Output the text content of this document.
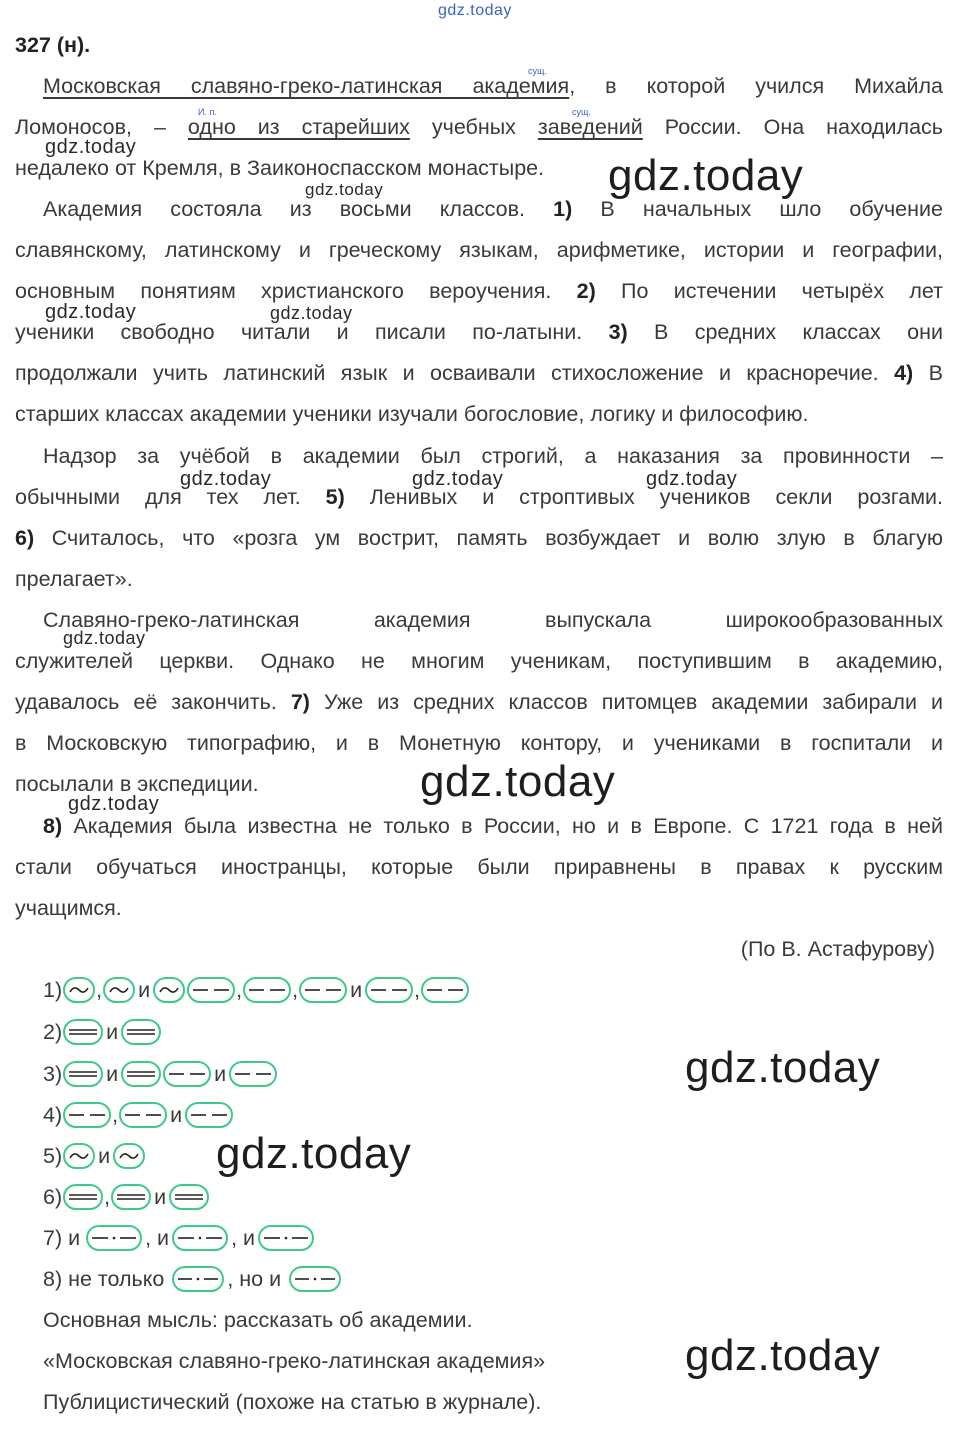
gdz.today
327 (н).
сущ.
И. п.	сущ.
Московская славяно-греко-латинская академия, в которой учился Михайла
Ломоносов, – одно из старейших учебных заведений России. Она находилась
недалеко от Кремля, в Заиконоспасском монастыре.
Академия состояла из восьми классов. 1) В начальных шло обучение
славянскому, латинскому и греческому языкам, арифметике, истории и географии,
основным понятиям христианского вероучения. 2) По истечении четырёх лет
ученики свободно читали и писали по-латыни. 3) В средних классах они
продолжали учить латинский язык и осваивали стихосложение и красноречие. 4) В
старших классах академии ученики изучали богословие, логику и философию.
Надзор за учёбой в академии был строгий, а наказания за провинности –
обычными для тех лет. 5) Ленивых и строптивых учеников секли розгами.
6) Считалось, что «розга ум вострит, память возбуждает и волю злую в благую
прелагает».
Славяно-греко-латинская академия выпускала широкообразованных
служителей церкви. Однако не многим ученикам, поступившим в академию,
удавалось её закончить. 7) Уже из средних классов питомцев академии забирали и
в Московскую типографию, и в Монетную контору, и учениками в госпитали и
посылали в экспедиции.
8) Академия была известна не только в России, но и в Европе. С 1721 года в ней
стали обучаться иностранцы, которые были приравнены в правах к русским
учащимся.
(По В. Астафурову)
1) , и	, , и ,
2) и
3) и	и
4) , и
5) и
6) , и
7) и	, и	, и
8) не только	, но и
Основная мысль: рассказать об академии.
«Московская славяно-греко-латинская академия»
Публицистический (похоже на статью в журнале).
gdz.today
gdz.today	gdz.today
gdz.today	gdz.today
gdz.today	gdz.today	gdz.today
gdz.today
gdz.today
gdz.today
gdz.today
gdz.today
gdz.today
